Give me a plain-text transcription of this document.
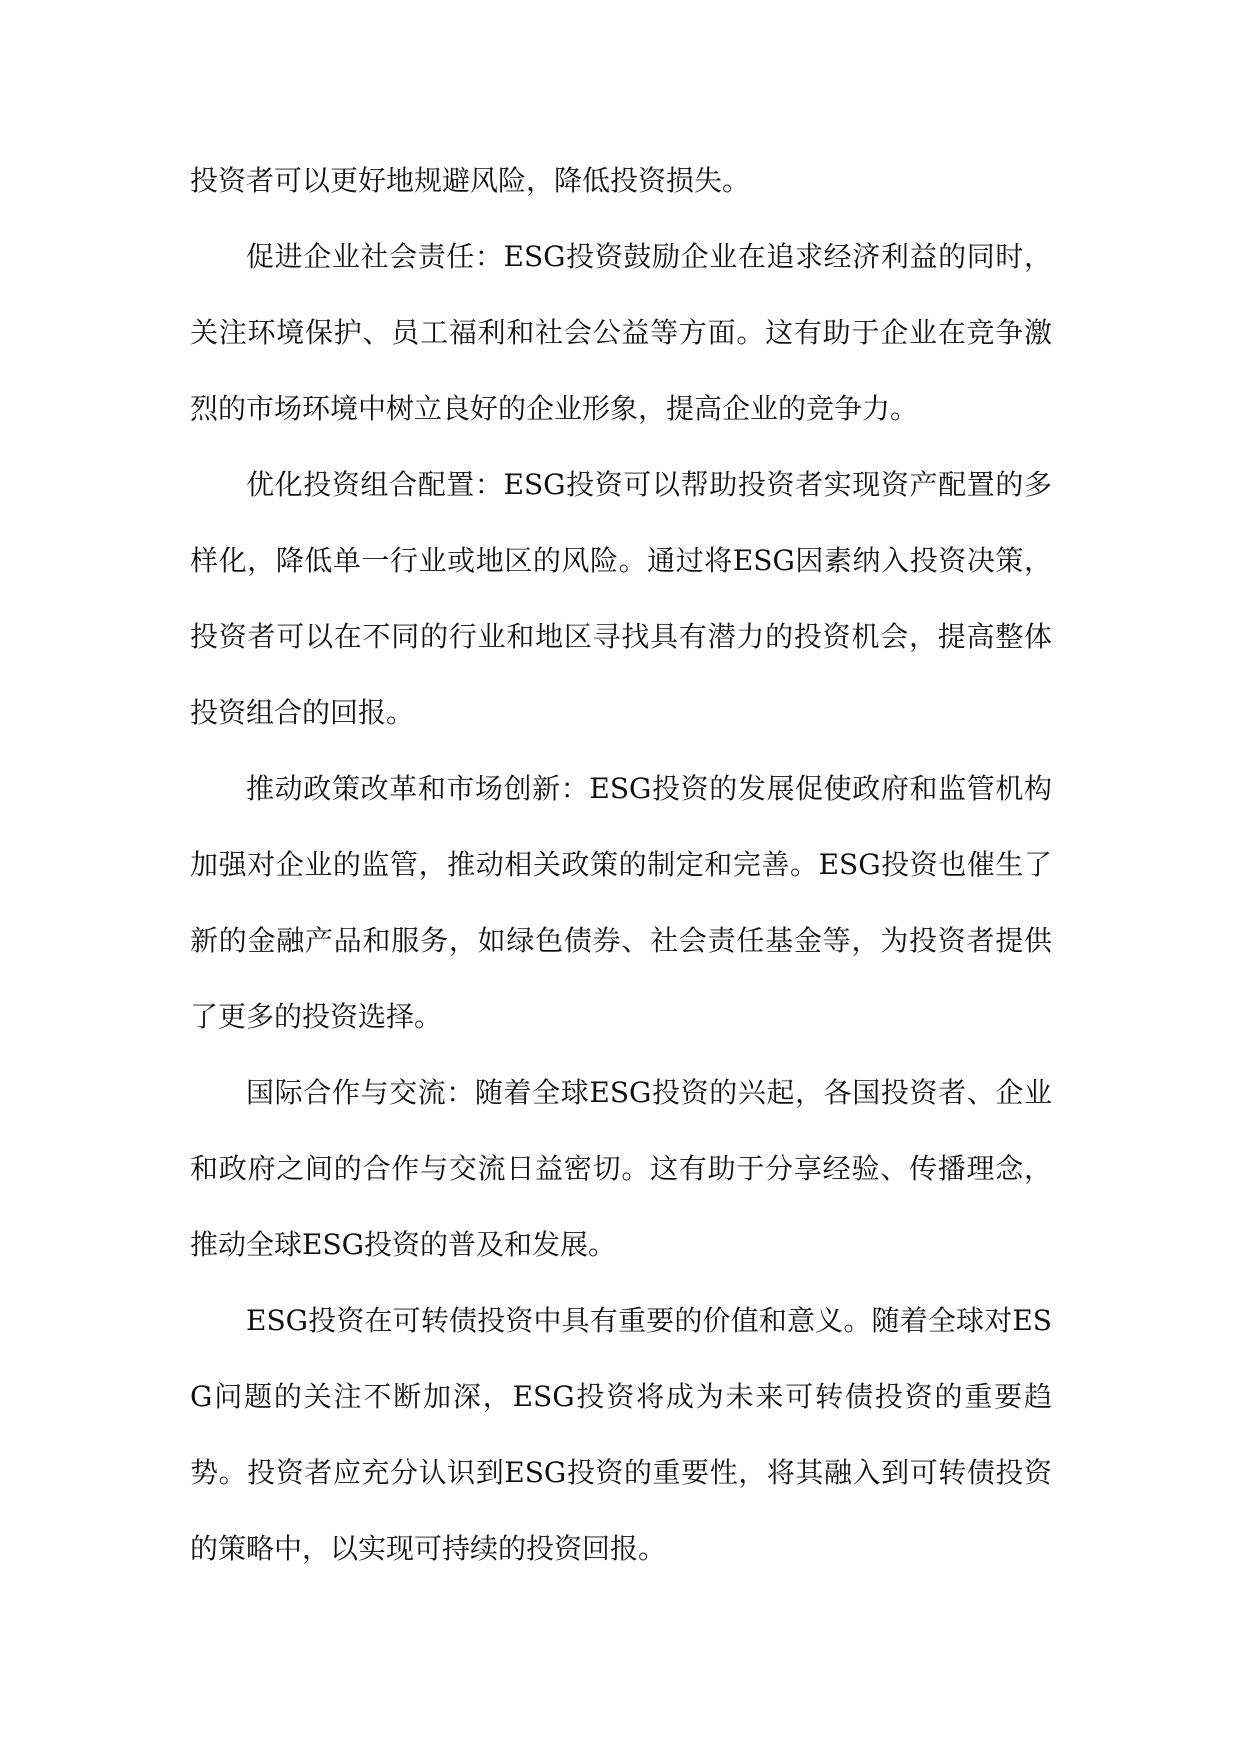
投资者可以更好地规避风险，降低投资损失。

促进企业社会责任：ESG投资鼓励企业在追求经济利益的同时，关注环境保护、员工福利和社会公益等方面。这有助于企业在竞争激烈的市场环境中树立良好的企业形象，提高企业的竞争力。

优化投资组合配置：ESG投资可以帮助投资者实现资产配置的多样化，降低单一行业或地区的风险。通过将ESG因素纳入投资决策，投资者可以在不同的行业和地区寻找具有潜力的投资机会，提高整体投资组合的回报。

推动政策改革和市场创新：ESG投资的发展促使政府和监管机构加强对企业的监管，推动相关政策的制定和完善。ESG投资也催生了新的金融产品和服务，如绿色债券、社会责任基金等，为投资者提供了更多的投资选择。

国际合作与交流：随着全球ESG投资的兴起，各国投资者、企业和政府之间的合作与交流日益密切。这有助于分享经验、传播理念，推动全球ESG投资的普及和发展。

ESG投资在可转债投资中具有重要的价值和意义。随着全球对ESG问题的关注不断加深，ESG投资将成为未来可转债投资的重要趋势。投资者应充分认识到ESG投资的重要性，将其融入到可转债投资的策略中，以实现可持续的投资回报。
